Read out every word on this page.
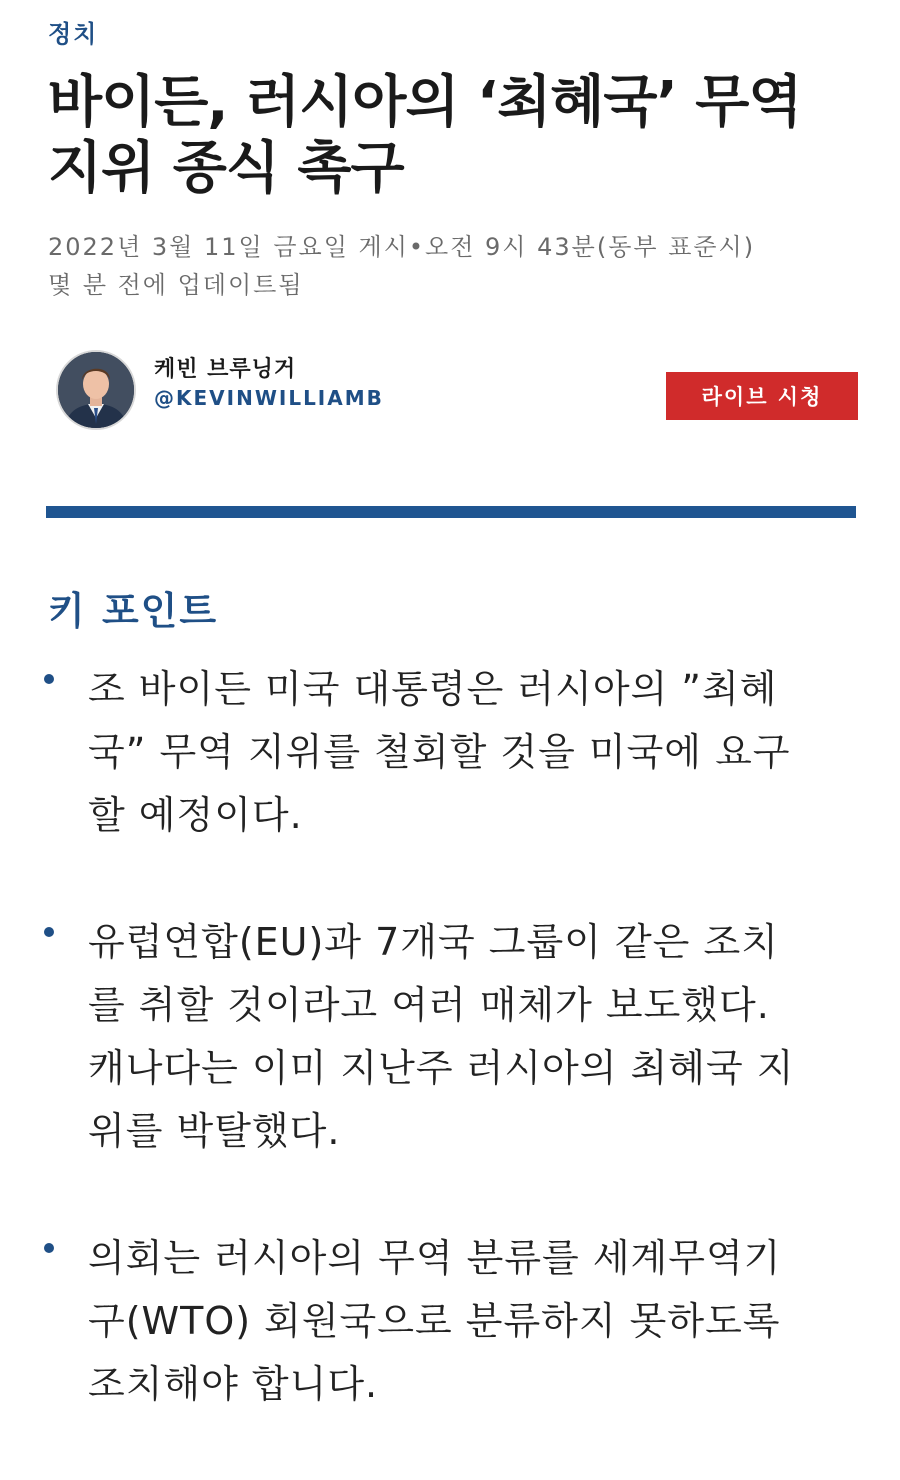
정치
바이든, 러시아의 ‘최혜국’ 무역 지위 종식 촉구
2022년 3월 11일 금요일 게시•오전 9시 43분(동부 표준시)
몇 분 전에 업데이트됨
케빈 브루닝거
@KEVINWILLIAMB	라이브 시청
키 포인트
조 바이든 미국 대통령은 러시아의 ”최혜국” 무역 지위를 철회할 것을 미국에 요구할 예정이다.
유럽연합(EU)과 7개국 그룹이 같은 조치를 취할 것이라고 여러 매체가 보도했다. 캐나다는 이미 지난주 러시아의 최혜국 지위를 박탈했다.
의회는 러시아의 무역 분류를 세계무역기구(WTO) 회원국으로 분류하지 못하도록 조치해야 합니다.
